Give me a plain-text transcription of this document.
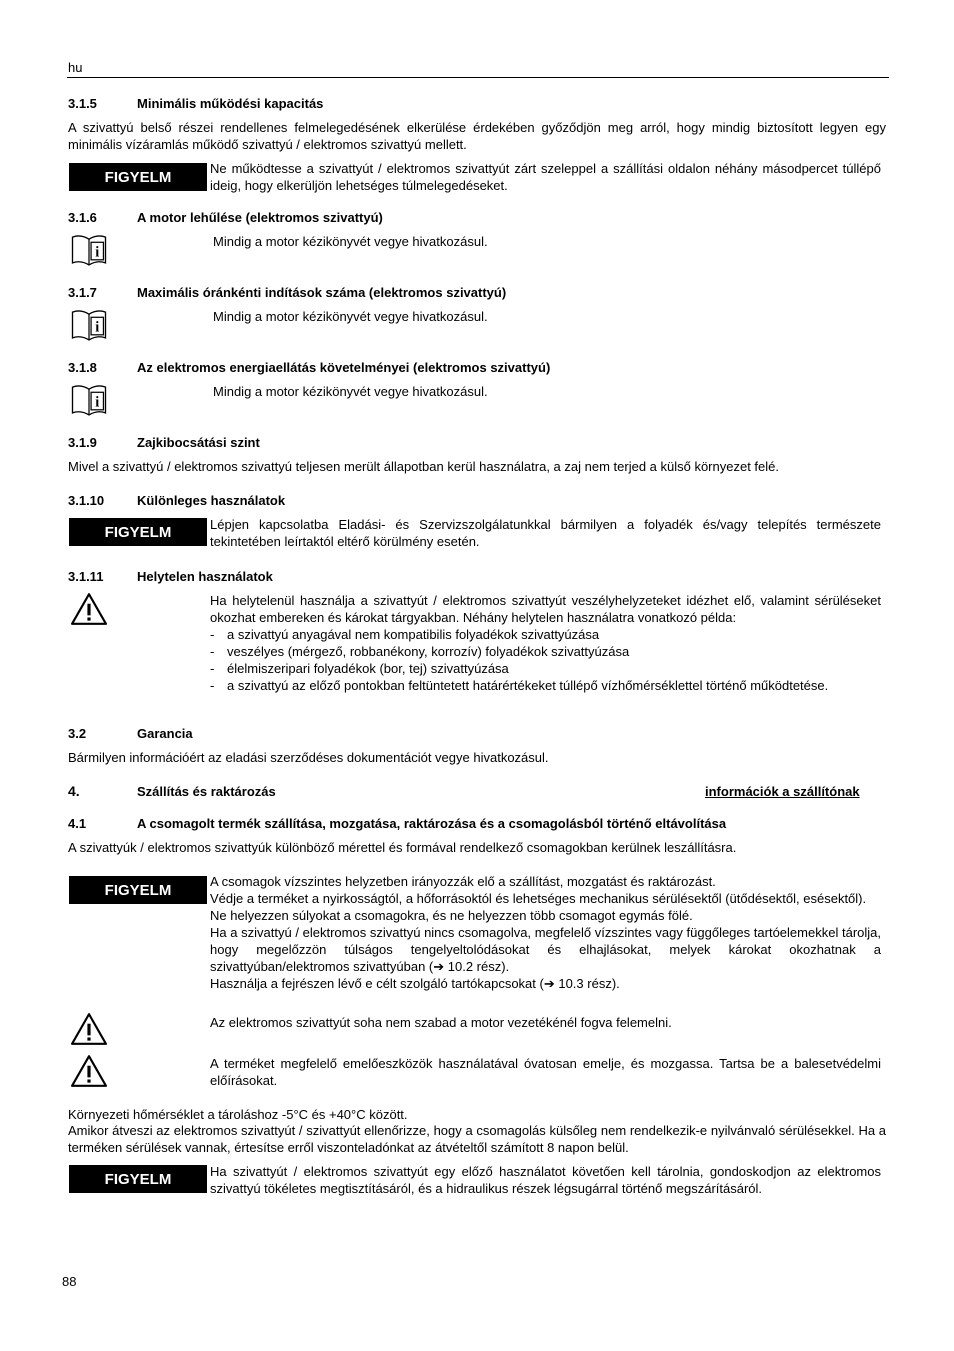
hu
3.1.5	Minimális működési kapacitás
A szivattyú belső részei rendellenes felmelegedésének elkerülése érdekében győződjön meg arról, hogy mindig biztosított legyen egy minimális vízáramlás működő szivattyú / elektromos szivattyú mellett.
FIGYELM	Ne működtesse a szivattyút / elektromos szivattyút zárt szeleppel a szállítási oldalon néhány másodpercet túllépő ideig, hogy elkerüljön lehetséges túlmelegedéseket.
3.1.6	A motor lehűlése (elektromos szivattyú)
Mindig a motor kézikönyvét vegye hivatkozásul.
3.1.7	Maximális óránkénti indítások száma (elektromos szivattyú)
Mindig a motor kézikönyvét vegye hivatkozásul.
3.1.8	Az elektromos energiaellátás követelményei (elektromos szivattyú)
Mindig a motor kézikönyvét vegye hivatkozásul.
3.1.9	Zajkibocsátási szint
Mivel a szivattyú / elektromos szivattyú teljesen merült állapotban kerül használatra, a zaj nem terjed a külső környezet felé.
3.1.10	Különleges használatok
FIGYELM	Lépjen kapcsolatba Eladási- és Szervizszolgálatunkkal bármilyen a folyadék és/vagy telepítés természete tekintetében leírtaktól eltérő körülmény esetén.
3.1.11	Helytelen használatok
Ha helytelenül használja a szivattyút / elektromos szivattyút veszélyhelyzeteket idézhet elő, valamint sérüléseket okozhat embereken és károkat tárgyakban. Néhány helytelen használatra vonatkozó példa:
- a szivattyú anyagával nem kompatibilis folyadékok szivattyúzása
- veszélyes (mérgező, robbanékony, korrozív) folyadékok szivattyúzása
- élelmiszeripari folyadékok (bor, tej) szivattyúzása
- a szivattyú az előző pontokban feltüntetett határértékeket túllépő vízhőmérséklettel történő működtetése.
3.2	Garancia
Bármilyen információért az eladási szerződéses dokumentációt vegye hivatkozásul.
4.	Szállítás és raktározás	információk a szállítónak
4.1	A csomagolt termék szállítása, mozgatása, raktározása és a csomagolásból történő eltávolítása
A szivattyúk / elektromos szivattyúk különböző mérettel és formával rendelkező csomagokban kerülnek leszállításra.
FIGYELM	A csomagok vízszintes helyzetben irányozzák elő a szállítást, mozgatást és raktározást.
Védje a terméket a nyirkosságtól, a hőforrásoktól és lehetséges mechanikus sérülésektől (ütődésektől, esésektől).
Ne helyezzen súlyokat a csomagokra, és ne helyezzen több csomagot egymás fölé.
Ha a szivattyú / elektromos szivattyú nincs csomagolva, megfelelő vízszintes vagy függőleges tartóelemekkel tárolja, hogy megelőzzön túlságos tengelyeltolódásokat és elhajlásokat, melyek károkat okozhatnak a szivattyúban/elektromos szivattyúban (➔ 10.2 rész).
Használja a fejrészen lévő e célt szolgáló tartókapcsokat (➔ 10.3 rész).
Az elektromos szivattyút soha nem szabad a motor vezetékénél fogva felemelni.
A terméket megfelelő emelőeszközök használatával óvatosan emelje, és mozgassa. Tartsa be a balesetvédelmi előírásokat.
Környezeti hőmérséklet a tároláshoz -5°C és +40°C között.
Amikor átveszi az elektromos szivattyút / szivattyút ellenőrizze, hogy a csomagolás külsőleg nem rendelkezik-e nyilvánvaló sérülésekkel. Ha a terméken sérülések vannak, értesítse erről viszonteladónkat az átvételtől számított 8 napon belül.
FIGYELM	Ha szivattyút / elektromos szivattyút egy előző használatot követően kell tárolnia, gondoskodjon az elektromos szivattyú tökéletes megtisztításáról, és a hidraulikus részek légsugárral történő megszárításáról.
88
